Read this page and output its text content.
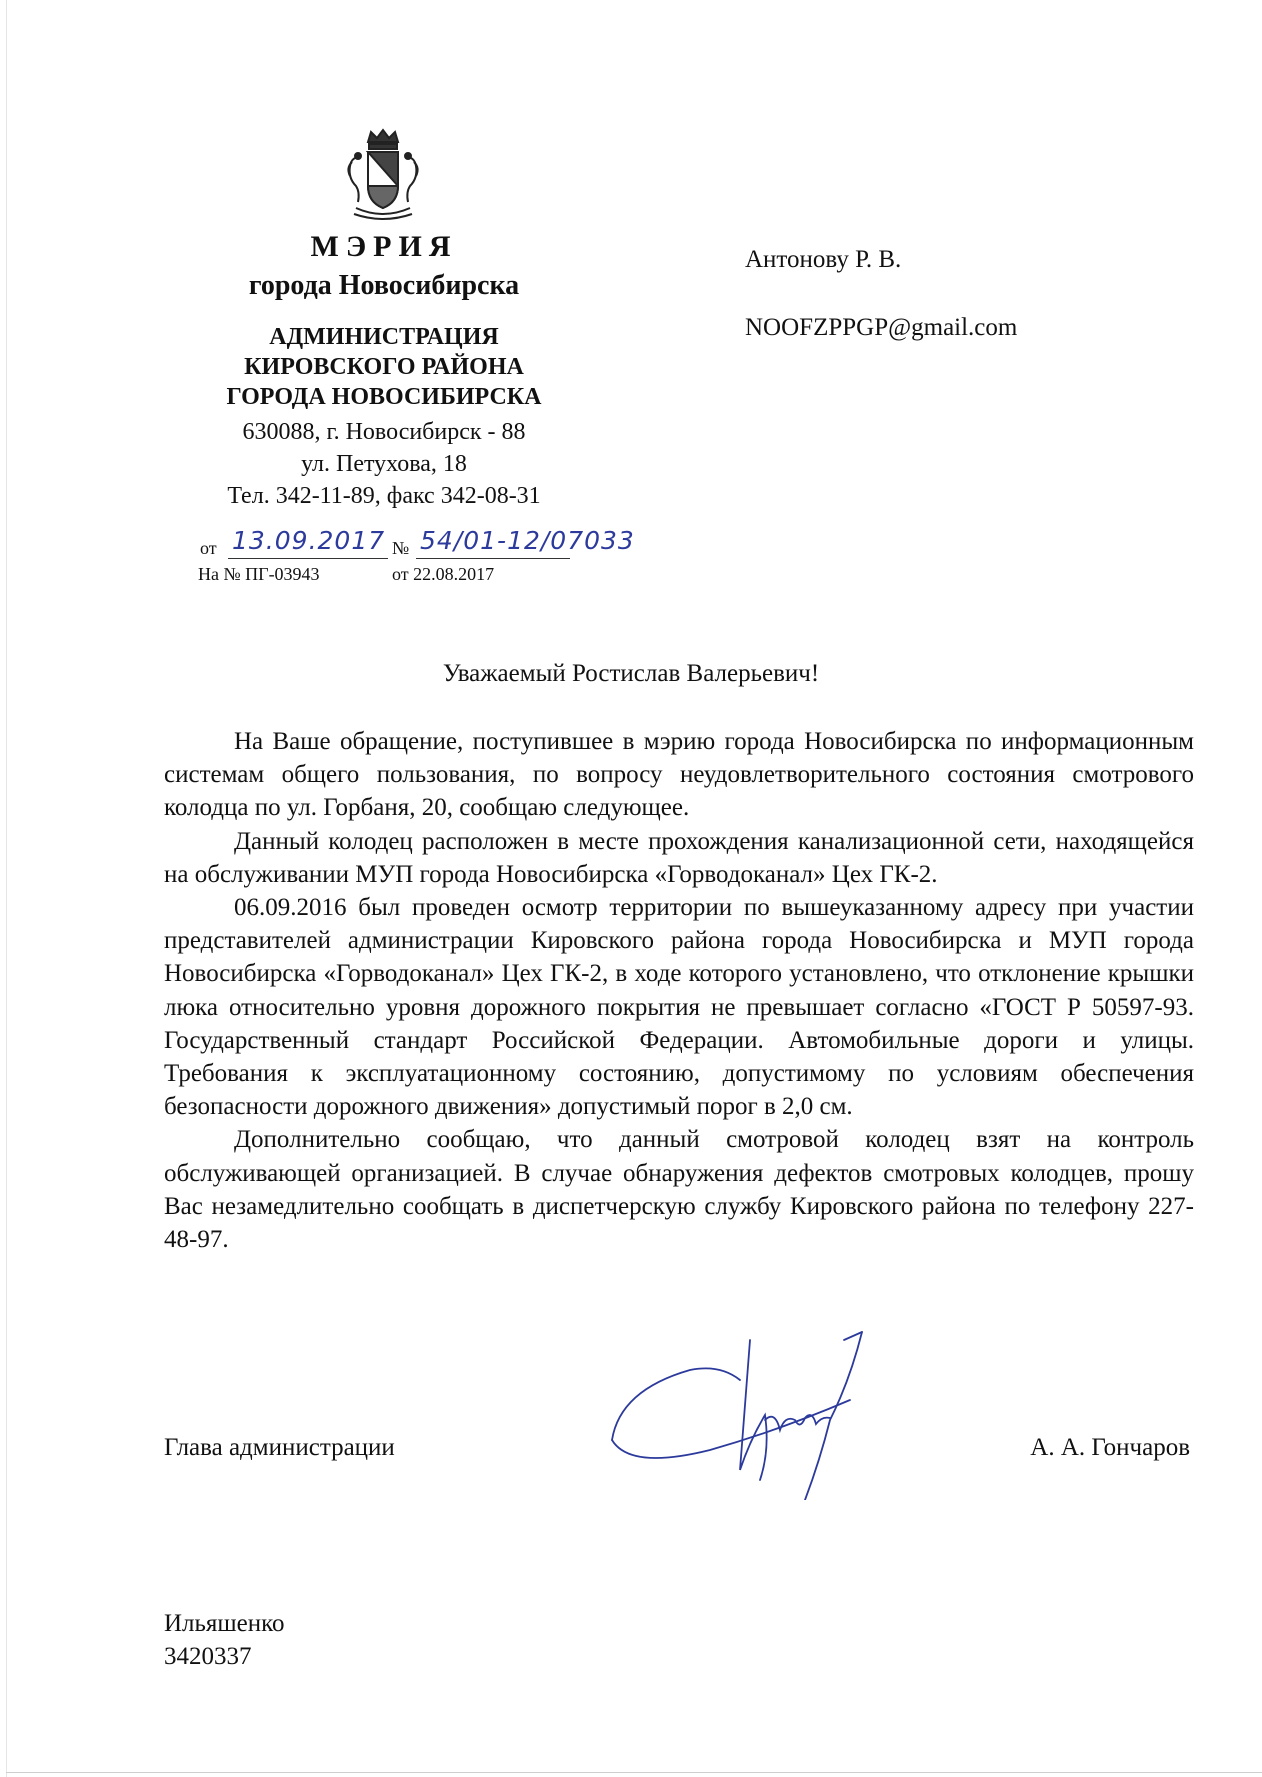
МЭРИЯ
города Новосибирска
АДМИНИСТРАЦИЯ
КИРОВСКОГО РАЙОНА
ГОРОДА НОВОСИБИРСКА
630088, г. Новосибирск - 88
ул. Петухова, 18
Тел. 342-11-89, факс 342-08-31
от 13.09.2017 № 54/01-12/07033
На № ПГ-03943	от 22.08.2017
Антонову Р. В.
NOOFZPPGP@gmail.com
Уважаемый Ростислав Валерьевич!

На Ваше обращение, поступившее в мэрию города Новосибирска по информационным системам общего пользования, по вопросу неудовлетворительного состояния смотрового колодца по ул. Горбаня, 20, сообщаю следующее.

Данный колодец расположен в месте прохождения канализационной сети, находящейся на обслуживании МУП города Новосибирска «Горводоканал» Цех ГК-2.

06.09.2016 был проведен осмотр территории по вышеуказанному адресу при участии представителей администрации Кировского района города Новосибирска и МУП города Новосибирска «Горводоканал» Цех ГК-2, в ходе которого установлено, что отклонение крышки люка относительно уровня дорожного покрытия не превышает согласно «ГОСТ Р 50597-93. Государственный стандарт Российской Федерации. Автомобильные дороги и улицы. Требования к эксплуатационному состоянию, допустимому по условиям обеспечения безопасности дорожного движения» допустимый порог в 2,0 см.

Дополнительно сообщаю, что данный смотровой колодец взят на контроль обслуживающей организацией. В случае обнаружения дефектов смотровых колодцев, прошу Вас незамедлительно сообщать в диспетчерскую службу Кировского района по телефону 227-48-97.

Глава администрации	А. А. Гончаров
Ильяшенко
3420337
